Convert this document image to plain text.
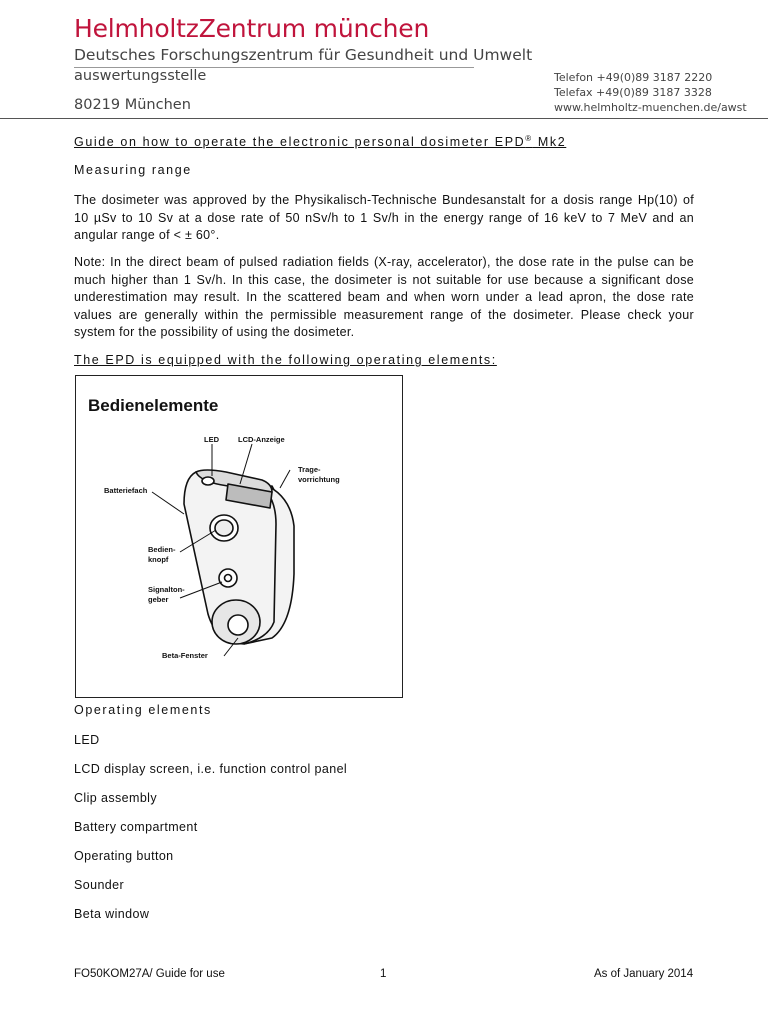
HelmholtzZentrum münchen
Deutsches Forschungszentrum für Gesundheit und Umwelt
auswertungsstelle
80219 München
Telefon +49(0)89 3187 2220
Telefax +49(0)89 3187 3328
www.helmholtz-muenchen.de/awst
Guide on how to operate the electronic personal dosimeter EPD® Mk2
Measuring range

The dosimeter was approved by the Physikalisch-Technische Bundesanstalt for a dosis range Hp(10) of 10 µSv to 10 Sv at a dose rate of 50 nSv/h to 1 Sv/h in the energy range of 16 keV to 7 MeV and an angular range of < ± 60°.

Note: In the direct beam of pulsed radiation fields (X-ray, accelerator), the dose rate in the pulse can be much higher than 1 Sv/h. In this case, the dosimeter is not suitable for use because a significant dose underestimation may result. In the scattered beam and when worn under a lead apron, the dose rate values are generally within the permissible measurement range of the dosimeter. Please check your system for the possibility of using the dosimeter.

The EPD is equipped with the following operating elements:
Bedienelemente
LED	LCD-Anzeige
Trage-
vorrichtung
Batteriefach
Bedien-
knopf
Signalton-
geber
Beta-Fenster
Operating elements
LED
LCD display screen, i.e. function control panel
Clip assembly
Battery compartment
Operating button
Sounder
Beta window
FO50KOM27A/ Guide for use	1	As of January 2014
